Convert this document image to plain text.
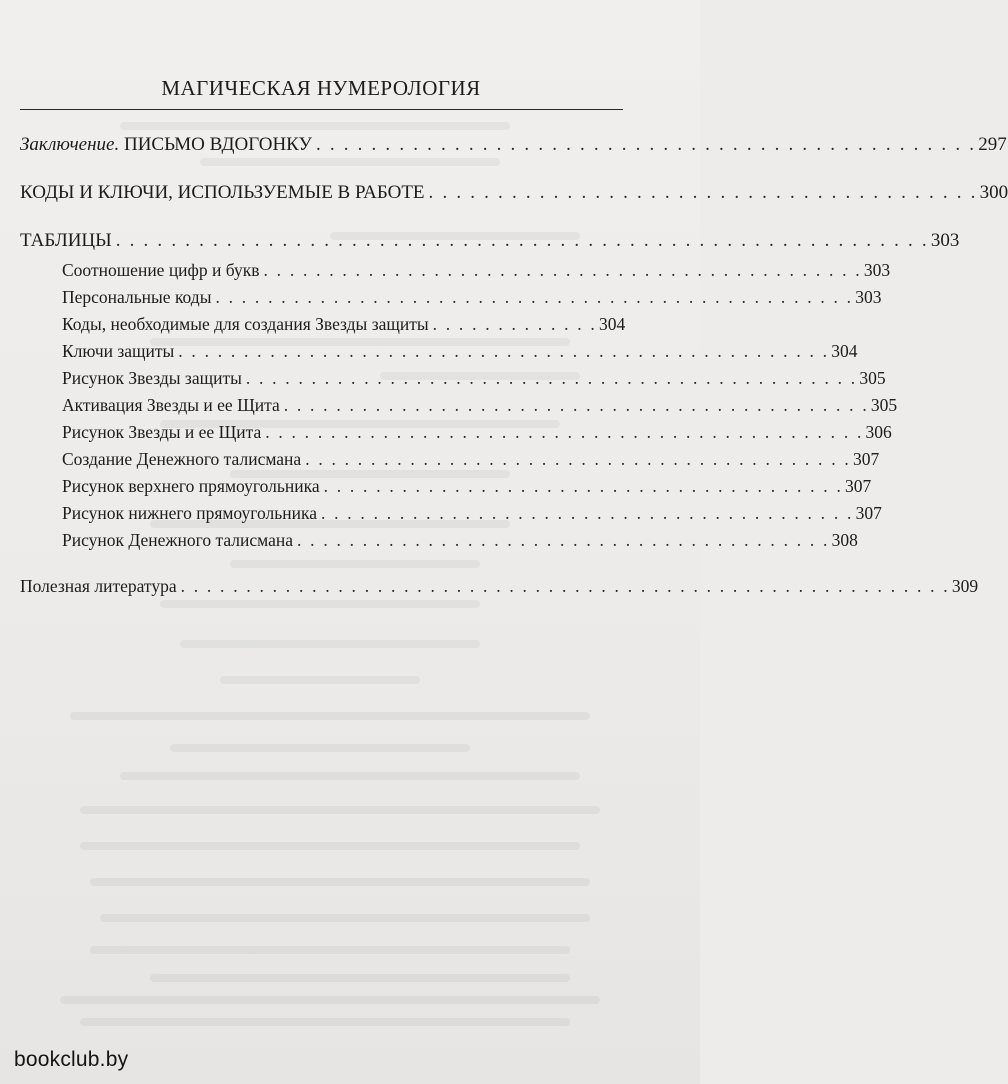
МАГИЧЕСКАЯ НУМЕРОЛОГИЯ
Заключение. ПИСЬМО ВДОГОНКУ . . . . . . . . . . . . . . . . . . . . . . . . . . . . . . . . . . . . . . . . . . . . . . . . 297
КОДЫ И КЛЮЧИ, ИСПОЛЬЗУЕМЫЕ В РАБОТЕ . . . . . . . . . . . . . . . . . . . . . . . . . . . . . . . . . . . . . . . . 300
ТАБЛИЦЫ . . . . . . . . . . . . . . . . . . . . . . . . . . . . . . . . . . . . . . . . . . . . . . . . . . . . . . . . . . . 303
Соотношение цифр и букв . . . . . . . . . . . . . . . . . . . . . . . . . . . . . . . . . . . . . . . . . . . . . . 303
Персональные коды . . . . . . . . . . . . . . . . . . . . . . . . . . . . . . . . . . . . . . . . . . . . . . . . . 303
Коды, необходимые для создания Звезды защиты . . . . . . . . . . . . . 304
Ключи защиты . . . . . . . . . . . . . . . . . . . . . . . . . . . . . . . . . . . . . . . . . . . . . . . . . . 304
Рисунок Звезды защиты . . . . . . . . . . . . . . . . . . . . . . . . . . . . . . . . . . . . . . . . . . . . . . . 305
Активация Звезды и ее Щита . . . . . . . . . . . . . . . . . . . . . . . . . . . . . . . . . . . . . . . . . . . . . 305
Рисунок Звезды и ее Щита . . . . . . . . . . . . . . . . . . . . . . . . . . . . . . . . . . . . . . . . . . . . . . 306
Создание Денежного талисмана . . . . . . . . . . . . . . . . . . . . . . . . . . . . . . . . . . . . . . . . . . 307
Рисунок верхнего прямоугольника . . . . . . . . . . . . . . . . . . . . . . . . . . . . . . . . . . . . . . . . 307
Рисунок нижнего прямоугольника . . . . . . . . . . . . . . . . . . . . . . . . . . . . . . . . . . . . . . . . . 307
Рисунок Денежного талисмана . . . . . . . . . . . . . . . . . . . . . . . . . . . . . . . . . . . . . . . . . 308
Полезная литература . . . . . . . . . . . . . . . . . . . . . . . . . . . . . . . . . . . . . . . . . . . . . . . . . . . . . . . . . . . 309
bookclub.by
